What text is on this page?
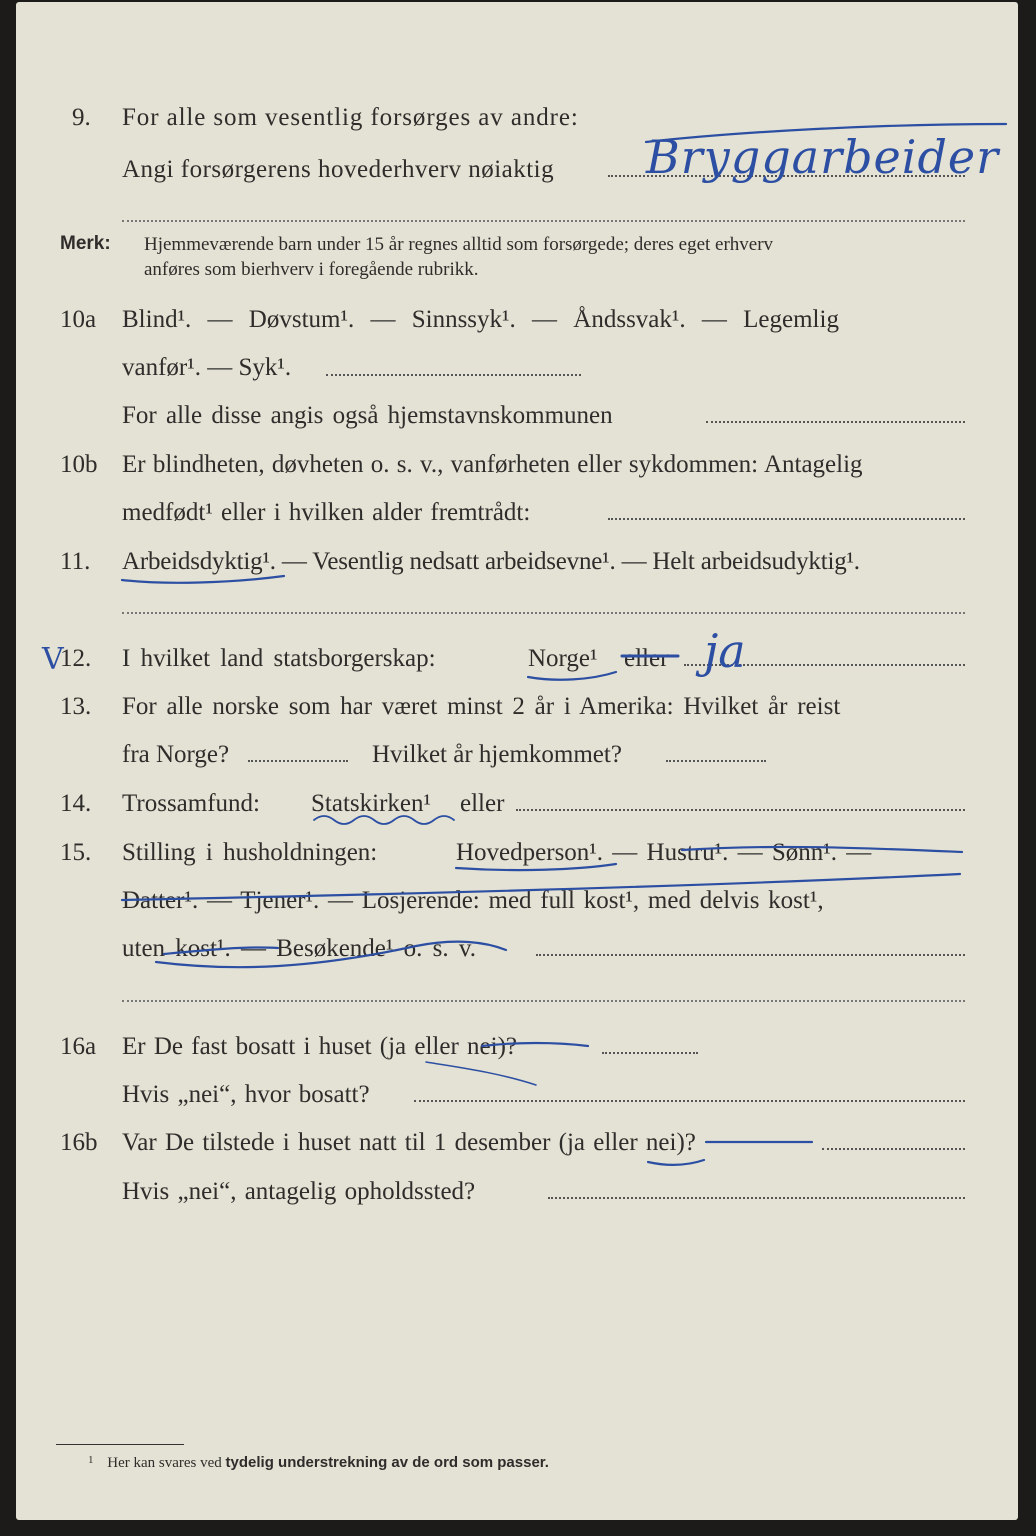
9. For alle som vesentlig forsørges av andre:
Angi forsørgerens hovederhverv nøiaktig Bryggarbeider
Merk: Hjemmeværende barn under 15 år regnes alltid som forsørgede; deres eget erhverv
anføres som bierhverv i foregående rubrikk.
10a Blind¹. — Døvstum¹. — Sinnssyk¹. — Åndssvak¹. — Legemlig
vanfør¹. — Syk¹.
For alle disse angis også hjemstavnskommunen
10b Er blindheten, døvheten o. s. v., vanførheten eller sykdommen: Antagelig
medfødt¹ eller i hvilken alder fremtrådt:
11. Arbeidsdyktig¹. — Vesentlig nedsatt arbeidsevne¹. — Helt arbeidsudyktig¹.
V
12. I hvilket land statsborgerskap:	Norge¹ eller ja
13. For alle norske som har været minst 2 år i Amerika: Hvilket år reist
fra Norge?	Hvilket år hjemkommet?
14. Trossamfund: Statskirken¹ eller
15. Stilling i husholdningen:	Hovedperson¹. — Hustru¹. — Sønn¹. —
Datter¹. — Tjener¹. — Losjerende: med full kost¹, med delvis kost¹,
uten kost¹. — Besøkende¹ o. s. v.
16a Er De fast bosatt i huset (ja eller nei)?
Hvis „nei“, hvor bosatt?
16b Var De tilstede i huset natt til 1 desember (ja eller nei)?
Hvis „nei“, antagelig opholdssted?
$^1$ Her kan svares ved tydelig understrekning av de ord som passer.
